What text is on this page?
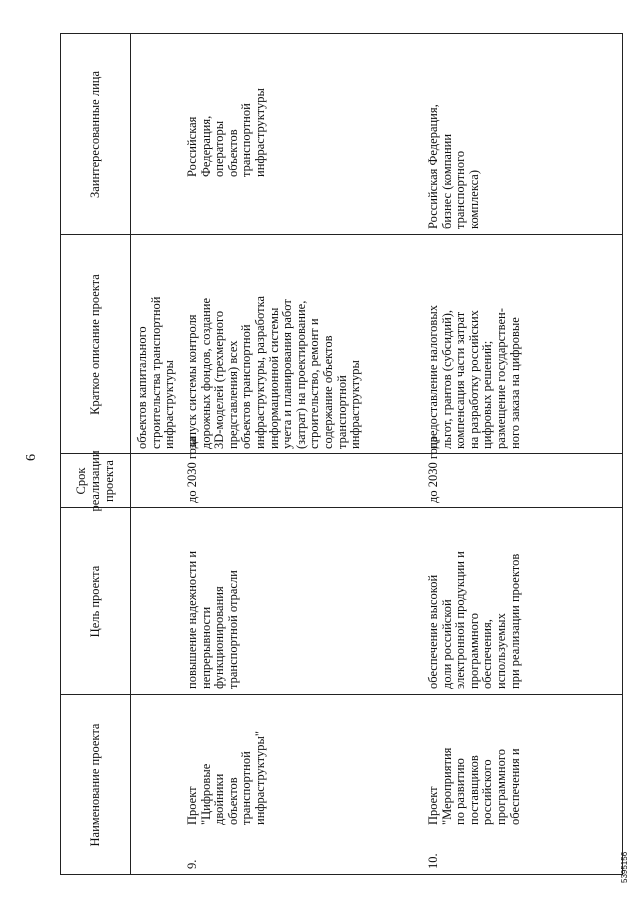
6
Наименование проекта
Цель проекта
Срок
реализации
проекта
Краткое описание проекта
Заинтересованные лица
объектов капитального
строительства транспортной
инфраструктуры
9.
Проект
"Цифровые
двойники
объектов
транспортной
инфраструктуры"
повышение надежности и
непрерывности
функционирования
транспортной отрасли
до 2030 года
запуск системы контроля
дорожных фондов, создание
3D-моделей (трехмерного
представления) всех
объектов транспортной
инфраструктуры, разработка
информационной системы
учета и планирования работ
(затрат) на проектирование,
строительство, ремонт и
содержание объектов
транспортной
инфраструктуры
Российская
Федерация,
операторы
объектов
транспортной
инфраструктуры
10.
Проект
"Мероприятия
по развитию
поставщиков
российского
программного
обеспечения и
обеспечение высокой
доли российской
электронной продукции и
программного
обеспечения,
используемых
при реализации проектов
до 2030 года
предоставление налоговых
льгот, грантов (субсидий),
компенсация части затрат
на разработку российских
цифровых решений;
размещение государствен-
ного заказа на цифровые
Российская Федерация,
бизнес (компании
транспортного
комплекса)
5395156
